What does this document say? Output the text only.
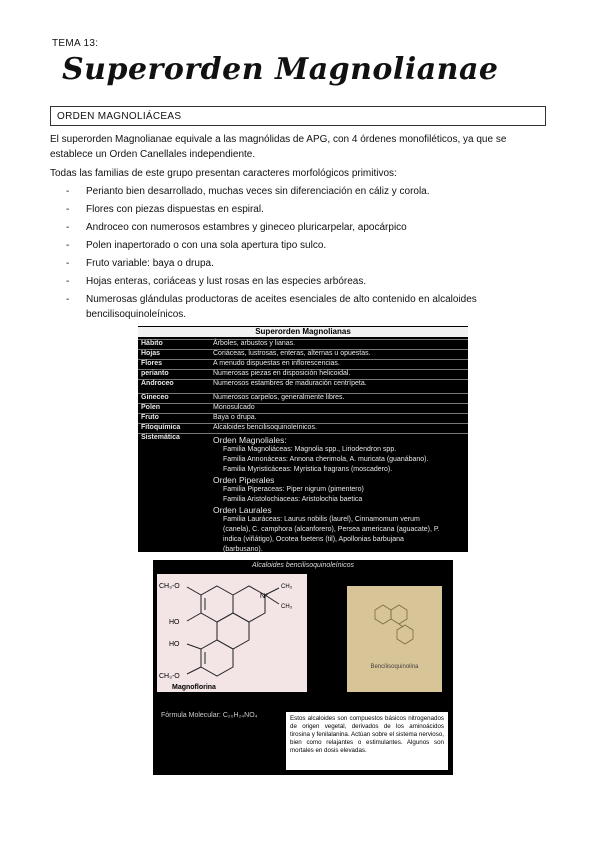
TEMA 13:
Superorden Magnolianae
ORDEN MAGNOLIÁCEAS
El superorden Magnolianae equivale a las magnólidas de APG, con 4 órdenes monofiléticos, ya que se establece un Orden Canellales independiente.
Todas las familias de este grupo presentan caracteres morfológicos primitivos:
- Perianto bien desarrollado, muchas veces sin diferenciación en cáliz y corola.
- Flores con piezas dispuestas en espiral.
- Androceo con numerosos estambres y gineceo pluricarpelar, apocárpico
- Polen inapertorado o con una sola apertura tipo sulco.
- Fruto variable: baya o drupa.
- Hojas enteras, coriáceas y lust rosas en las especies arbóreas.
- Numerosas glándulas productoras de aceites esenciales de alto contenido en alcaloides bencilisoquinoleínicos.
Superorden Magnolianas
Hábito	Árboles, arbustos y lianas.
Hojas	Coriáceas, lustrosas, enteras, alternas u opuestas.
Flores	A menudo dispuestas en inflorescencias.
perianto	Numerosas piezas en disposición helicoidal.
Androceo	Numerosos estambres de maduración centrípeta.
Gineceo	Numerosos carpelos, generalmente libres.
Polen	Monosulcado
Fruto	Baya o drupa.
Fitoquímica	Alcaloides bencilisoquinoleínicos.
Sistemática	Orden Magnoliales:
Familia Magnoliáceas: Magnolia spp., Liriodendron spp.
Familia Annonáceas: Annona cherimola, A. muricata (guanábano).
Familia Myristicáceas: Myristica fragrans (moscadero).
Orden Piperales
Familia Piperaceas: Piper nigrum (pimentero)
Familia Aristolochiaceas: Aristolochia baetica
Orden Laurales
Familia Lauráceas: Laurus nobilis (laurel), Cinnamomum verum
(canela), C. camphora (alcanforero), Persea americana (aguacate), P.
indica (viñátigo), Ocotea foetens (til), Apollonias barbujana
(barbusano).
Alcaloides bencilisoquinoleínicos
CH₃-O
HO
HO
CH₃-O
N⁺
CH₃
CH₃
Magnoflorina
Bencilisoquinolina
Fórmula Molecular: C₂₀H₂₄NO₄	Estos alcaloides son compuestos básicos nitrogenados de origen vegetal, derivados de los aminoácidos tirosina y fenilalanina. Actúan sobre el sistema nervioso, bien como relajantes o estimulantes. Algunos son mortales en dosis elevadas.
